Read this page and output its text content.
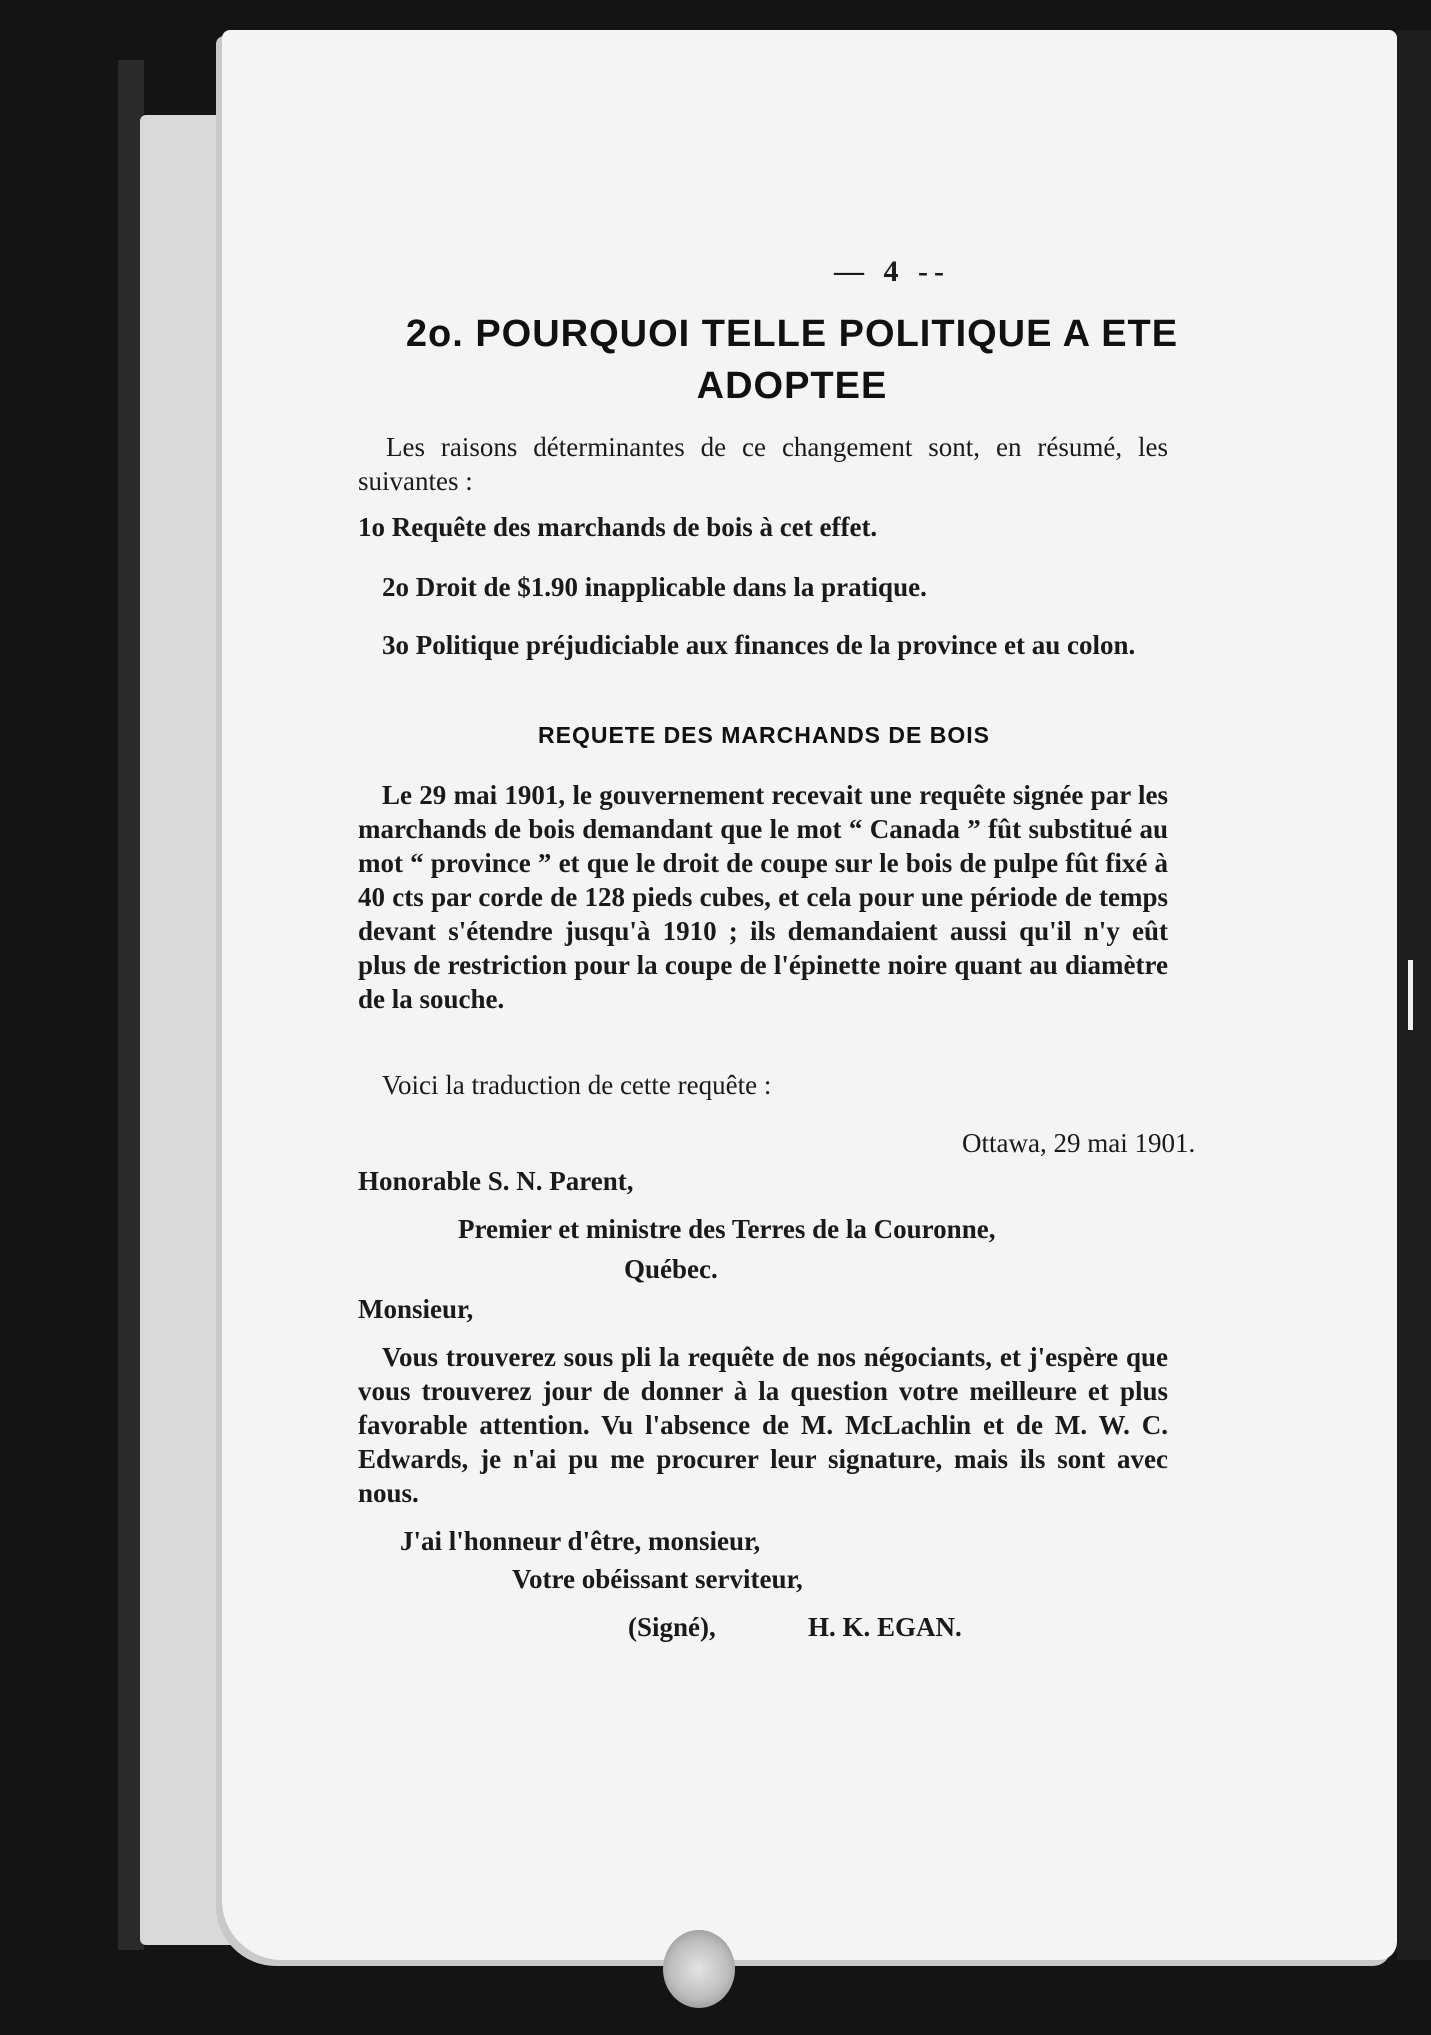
— 4 --
2o. POURQUOI TELLE POLITIQUE A ETE ADOPTEE
Les raisons déterminantes de ce changement sont, en résumé, les suivantes :
1o Requête des marchands de bois à cet effet.
2o Droit de $1.90 inapplicable dans la pratique.
3o Politique préjudiciable aux finances de la province et au colon.
REQUETE DES MARCHANDS DE BOIS
Le 29 mai 1901, le gouvernement recevait une requête signée par les marchands de bois demandant que le mot “ Canada ” fût substitué au mot “ province ” et que le droit de coupe sur le bois de pulpe fût fixé à 40 cts par corde de 128 pieds cubes, et cela pour une période de temps devant s'étendre jusqu'à 1910 ; ils demandaient aussi qu'il n'y eût plus de restriction pour la coupe de l'épinette noire quant au diamètre de la souche.
Voici la traduction de cette requête :
Ottawa, 29 mai 1901.
Honorable S. N. Parent,
Premier et ministre des Terres de la Couronne,
Québec.
Monsieur,
Vous trouverez sous pli la requête de nos négociants, et j'espère que vous trouverez jour de donner à la question votre meilleure et plus favorable attention. Vu l'absence de M. McLachlin et de M. W. C. Edwards, je n'ai pu me procurer leur signature, mais ils sont avec nous.
J'ai l'honneur d'être, monsieur,
Votre obéissant serviteur,
(Signé),	H. K. EGAN.
